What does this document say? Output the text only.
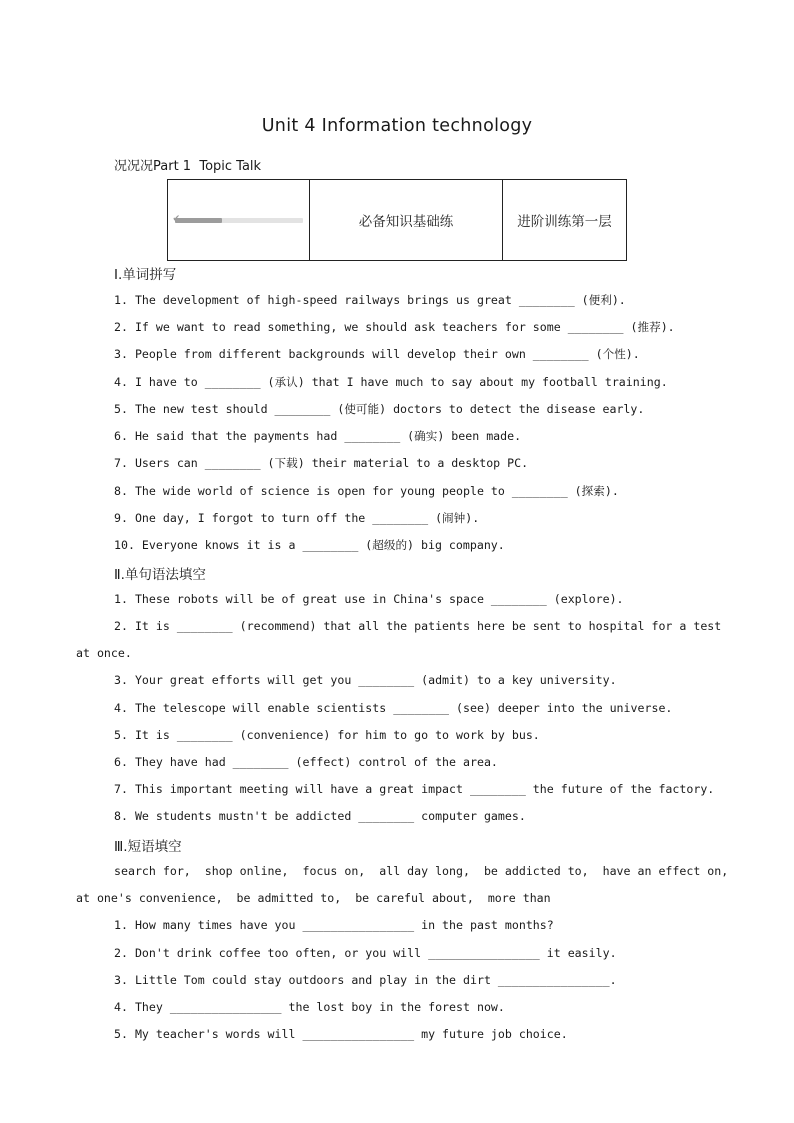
Unit 4 Information technology
况况况Part 1  Topic Talk
✔	必备知识基础练	进阶训练第一层
Ⅰ.单词拼写
1. The development of high-speed railways brings us great ________ (便利).
2. If we want to read something, we should ask teachers for some ________ (推荐).
3. People from different backgrounds will develop their own ________ (个性).
4. I have to ________ (承认) that I have much to say about my football training.
5. The new test should ________ (使可能) doctors to detect the disease early.
6. He said that the payments had ________ (确实) been made.
7. Users can ________ (下载) their material to a desktop PC.
8. The wide world of science is open for young people to ________ (探索).
9. One day, I forgot to turn off the ________ (闹钟).
10. Everyone knows it is a ________ (超级的) big company.
Ⅱ.单句语法填空
1. These robots will be of great use in China's space ________ (explore).
2. It is ________ (recommend) that all the patients here be sent to hospital for a test
at once.
3. Your great efforts will get you ________ (admit) to a key university.
4. The telescope will enable scientists ________ (see) deeper into the universe.
5. It is ________ (convenience) for him to go to work by bus.
6. They have had ________ (effect) control of the area.
7. This important meeting will have a great impact ________ the future of the factory.
8. We students mustn't be addicted ________ computer games.
Ⅲ.短语填空
search for,  shop online,  focus on,  all day long,  be addicted to,  have an effect on,
at one's convenience,  be admitted to,  be careful about,  more than
1. How many times have you ________________ in the past months?
2. Don't drink coffee too often, or you will ________________ it easily.
3. Little Tom could stay outdoors and play in the dirt ________________.
4. They ________________ the lost boy in the forest now.
5. My teacher's words will ________________ my future job choice.
